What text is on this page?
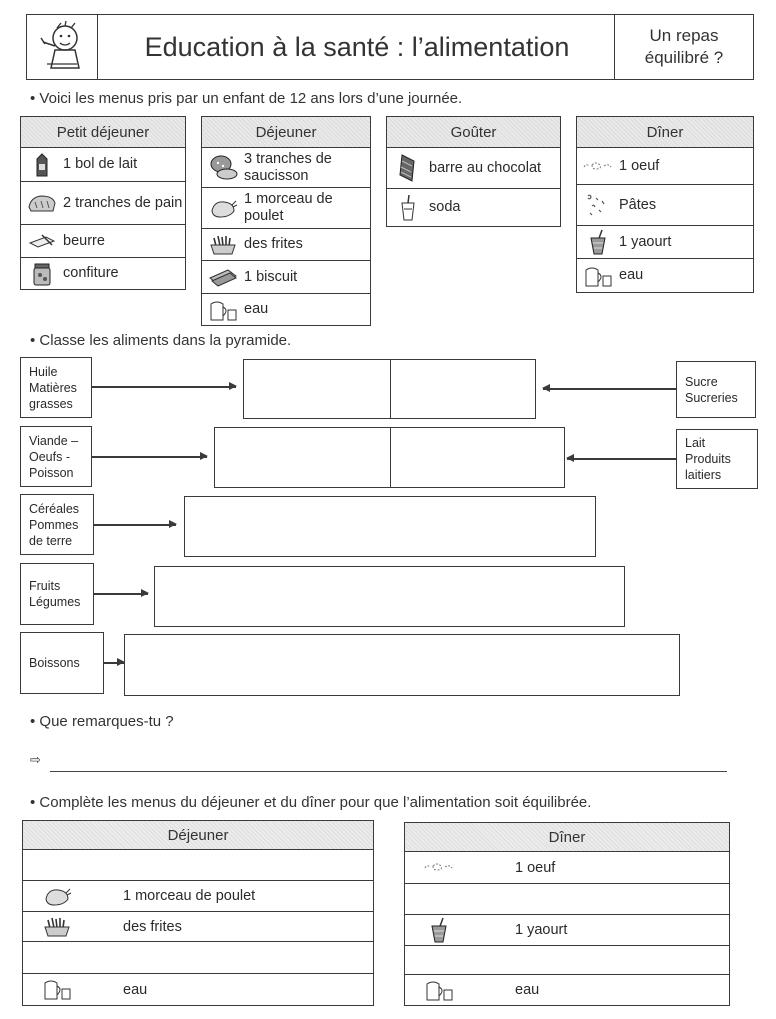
Education à la santé : l’alimentation	Un repas
équilibré ?
• Voici les menus pris par un enfant de 12 ans lors d’une journée.
Petit déjeuner
1 bol de lait
2 tranches de pain
beurre
confiture
Déjeuner
3 tranches de saucisson
1 morceau de poulet
des frites
1 biscuit
eau
Goûter
barre au chocolat
soda
Dîner
1 oeuf
Pâtes
1 yaourt
eau
• Classe les aliments dans la pyramide.
Huile
Matières
grasses
Viande –
Oeufs -
Poisson
Céréales
Pommes
de terre
Fruits
Légumes
Boissons
Sucre
Sucreries
Lait
Produits
laitiers
• Que remarques-tu ?
⇨
• Complète les menus du déjeuner et du dîner pour que l’alimentation soit équilibrée.
Déjeuner
1 morceau de poulet
des frites
eau
Dîner
1 oeuf
1 yaourt
eau
